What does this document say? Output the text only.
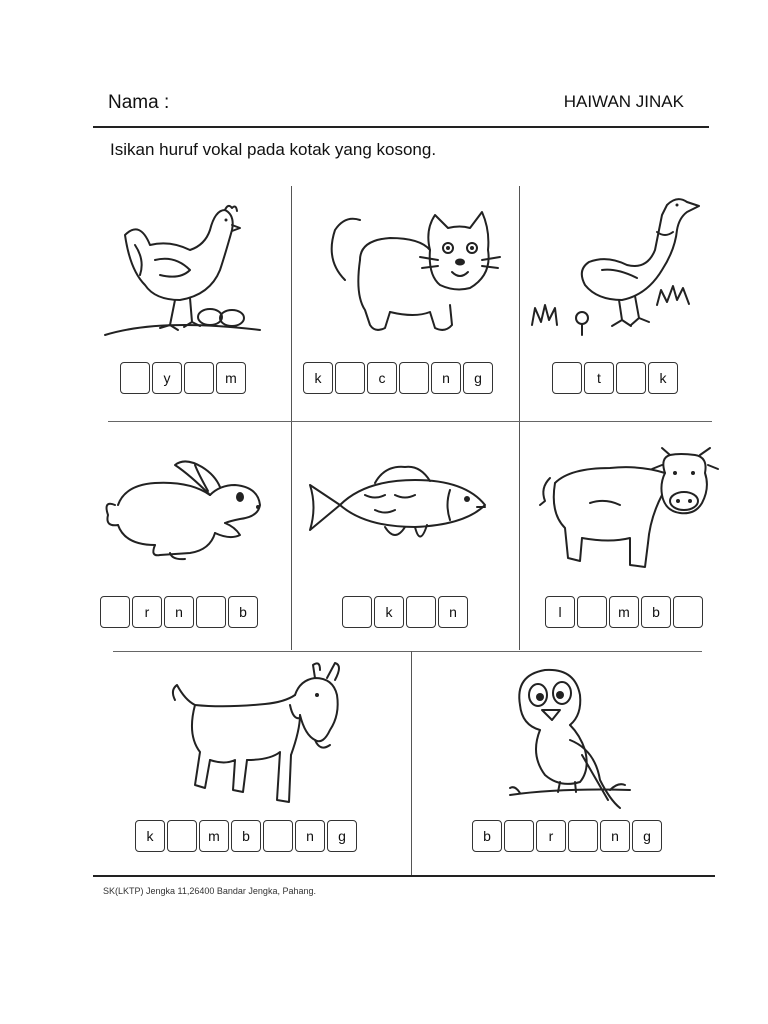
Nama :	HAIWAN JINAK
Isikan huruf vokal pada kotak yang kosong.
y	m	k	c	n	g	t	k
r	n	b	k	n	l	m	b
k	m	b	n	g	b	r	n	g
SK(LKTP) Jengka 11,26400 Bandar Jengka, Pahang.
